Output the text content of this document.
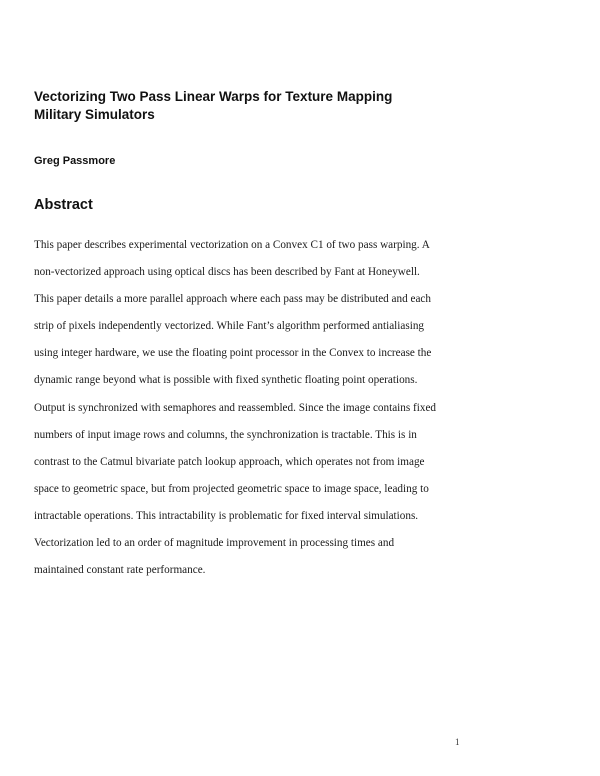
Vectorizing Two Pass Linear Warps for Texture Mapping
Military Simulators

Greg Passmore

Abstract
This paper describes experimental vectorization on a Convex C1 of two pass warping. A
non-vectorized approach using optical discs has been described by Fant at Honeywell.
This paper details a more parallel approach where each pass may be distributed and each
strip of pixels independently vectorized. While Fant’s algorithm performed antialiasing
using integer hardware, we use the floating point processor in the Convex to increase the
dynamic range beyond what is possible with fixed synthetic floating point operations.
Output is synchronized with semaphores and reassembled. Since the image contains fixed
numbers of input image rows and columns, the synchronization is tractable. This is in
contrast to the Catmul bivariate patch lookup approach, which operates not from image
space to geometric space, but from projected geometric space to image space, leading to
intractable operations. This intractability is problematic for fixed interval simulations.
Vectorization led to an order of magnitude improvement in processing times and
maintained constant rate performance.

1
